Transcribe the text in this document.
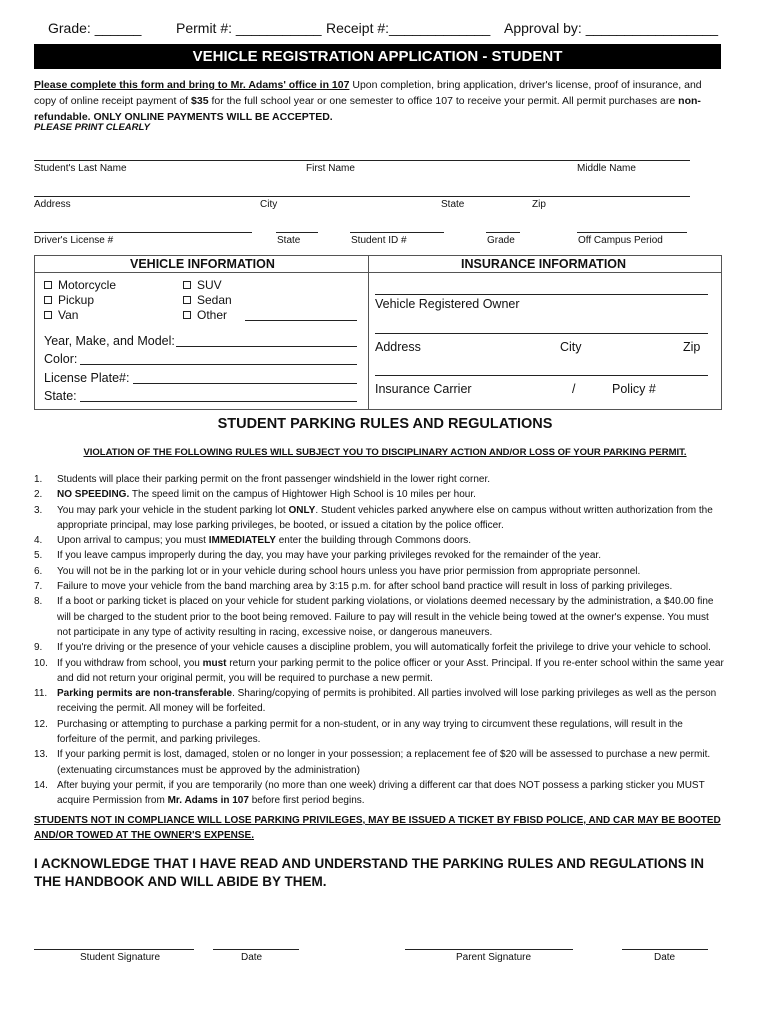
Grade: ______ Permit #: ___________ Receipt #:_____________ Approval by: _________________
VEHICLE REGISTRATION APPLICATION - STUDENT
Please complete this form and bring to Mr. Adams' office in 107 Upon completion, bring application, driver's license, proof of insurance, and copy of online receipt payment of $35 for the full school year or one semester to office 107 to receive your permit. All permit purchases are non-refundable. ONLY ONLINE PAYMENTS WILL BE ACCEPTED.
PLEASE PRINT CLEARLY
Student's Last Name	First Name	Middle Name
Address	City	State	Zip
Driver's License #	State	Student ID #	Grade	Off Campus Period
VEHICLE INFORMATION	INSURANCE INFORMATION
Motorcycle
Pickup
Van
SUV
Sedan
Other
Year, Make, and Model:
Color:
License Plate#:
State:
Vehicle Registered Owner
Address	City	Zip
Insurance Carrier	/	Policy #
STUDENT PARKING RULES AND REGULATIONS
VIOLATION OF THE FOLLOWING RULES WILL SUBJECT YOU TO DISCIPLINARY ACTION AND/OR LOSS OF YOUR PARKING PERMIT.
1.	Students will place their parking permit on the front passenger windshield in the lower right corner.
2.	NO SPEEDING. The speed limit on the campus of Hightower High School is 10 miles per hour.
3.	You may park your vehicle in the student parking lot ONLY. Student vehicles parked anywhere else on campus without written authorization from the appropriate principal, may lose parking privileges, be booted, or issued a citation by the police officer.
4.	Upon arrival to campus; you must IMMEDIATELY enter the building through Commons doors.
5.	If you leave campus improperly during the day, you may have your parking privileges revoked for the remainder of the year.
6.	You will not be in the parking lot or in your vehicle during school hours unless you have prior permission from appropriate personnel.
7.	Failure to move your vehicle from the band marching area by 3:15 p.m. for after school band practice will result in loss of parking privileges.
8.	If a boot or parking ticket is placed on your vehicle for student parking violations, or violations deemed necessary by the administration, a $40.00 fine will be charged to the student prior to the boot being removed. Failure to pay will result in the vehicle being towed at the owner's expense. You must not participate in any type of activity resulting in racing, excessive noise, or dangerous maneuvers.
9.	If you're driving or the presence of your vehicle causes a discipline problem, you will automatically forfeit the privilege to drive your vehicle to school.
10. If you withdraw from school, you must return your parking permit to the police officer or your Asst. Principal. If you re-enter school within the same year and did not return your original permit, you will be required to purchase a new permit.
11. Parking permits are non-transferable. Sharing/copying of permits is prohibited. All parties involved will lose parking privileges as well as the person receiving the permit. All money will be forfeited.
12. Purchasing or attempting to purchase a parking permit for a non-student, or in any way trying to circumvent these regulations, will result in the forfeiture of the permit, and parking privileges.
13. If your parking permit is lost, damaged, stolen or no longer in your possession; a replacement fee of $20 will be assessed to purchase a new permit. (extenuating circumstances must be approved by the administration)
14. After buying your permit, if you are temporarily (no more than one week) driving a different car that does NOT possess a parking sticker you MUST acquire Permission from Mr. Adams in 107 before first period begins.
STUDENTS NOT IN COMPLIANCE WILL LOSE PARKING PRIVILEGES, MAY BE ISSUED A TICKET BY FBISD POLICE, AND CAR MAY BE BOOTED AND/OR TOWED AT THE OWNER'S EXPENSE.
I ACKNOWLEDGE THAT I HAVE READ AND UNDERSTAND THE PARKING RULES AND REGULATIONS IN THE HANDBOOK AND WILL ABIDE BY THEM.
Student Signature	Date	Parent Signature	Date
